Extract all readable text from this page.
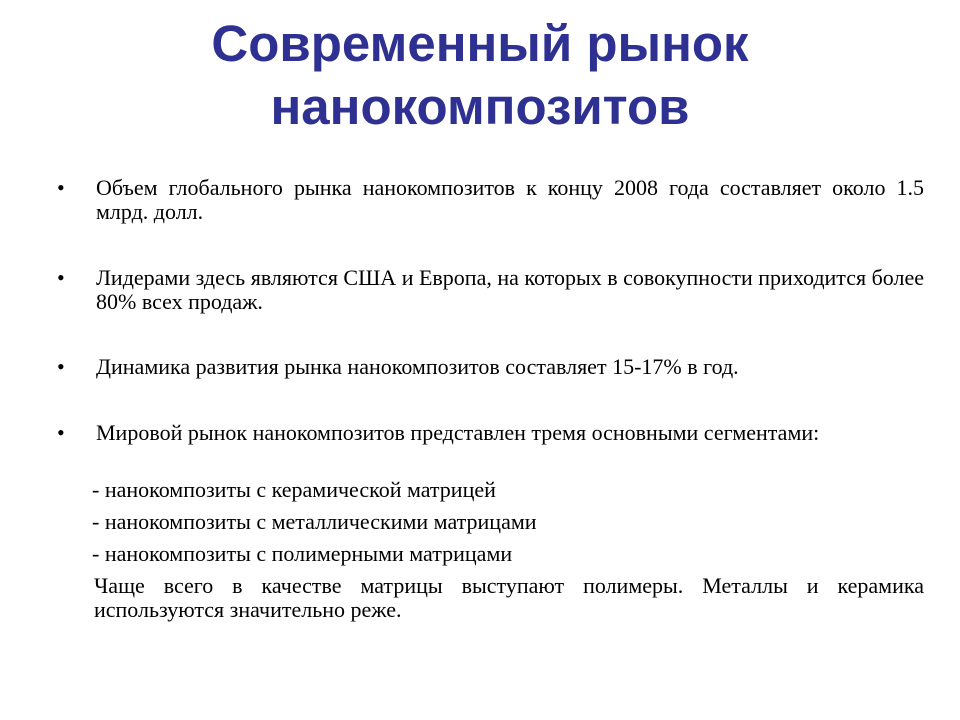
Современный рынок
нанокомпозитов
•	Объем глобального рынка нанокомпозитов к концу 2008 года составляет около 1.5 млрд. долл.

•	Лидерами здесь являются США и Европа, на которых в совокупности приходится более 80% всех продаж.

•	Динамика развития рынка нанокомпозитов составляет 15-17% в год.

•	Мировой рынок нанокомпозитов представлен тремя основными сегментами:

- нанокомпозиты с керамической матрицей

- нанокомпозиты с металлическими матрицами

- нанокомпозиты с полимерными матрицами

Чаще всего в качестве матрицы выступают полимеры. Металлы и керамика используются значительно реже.
